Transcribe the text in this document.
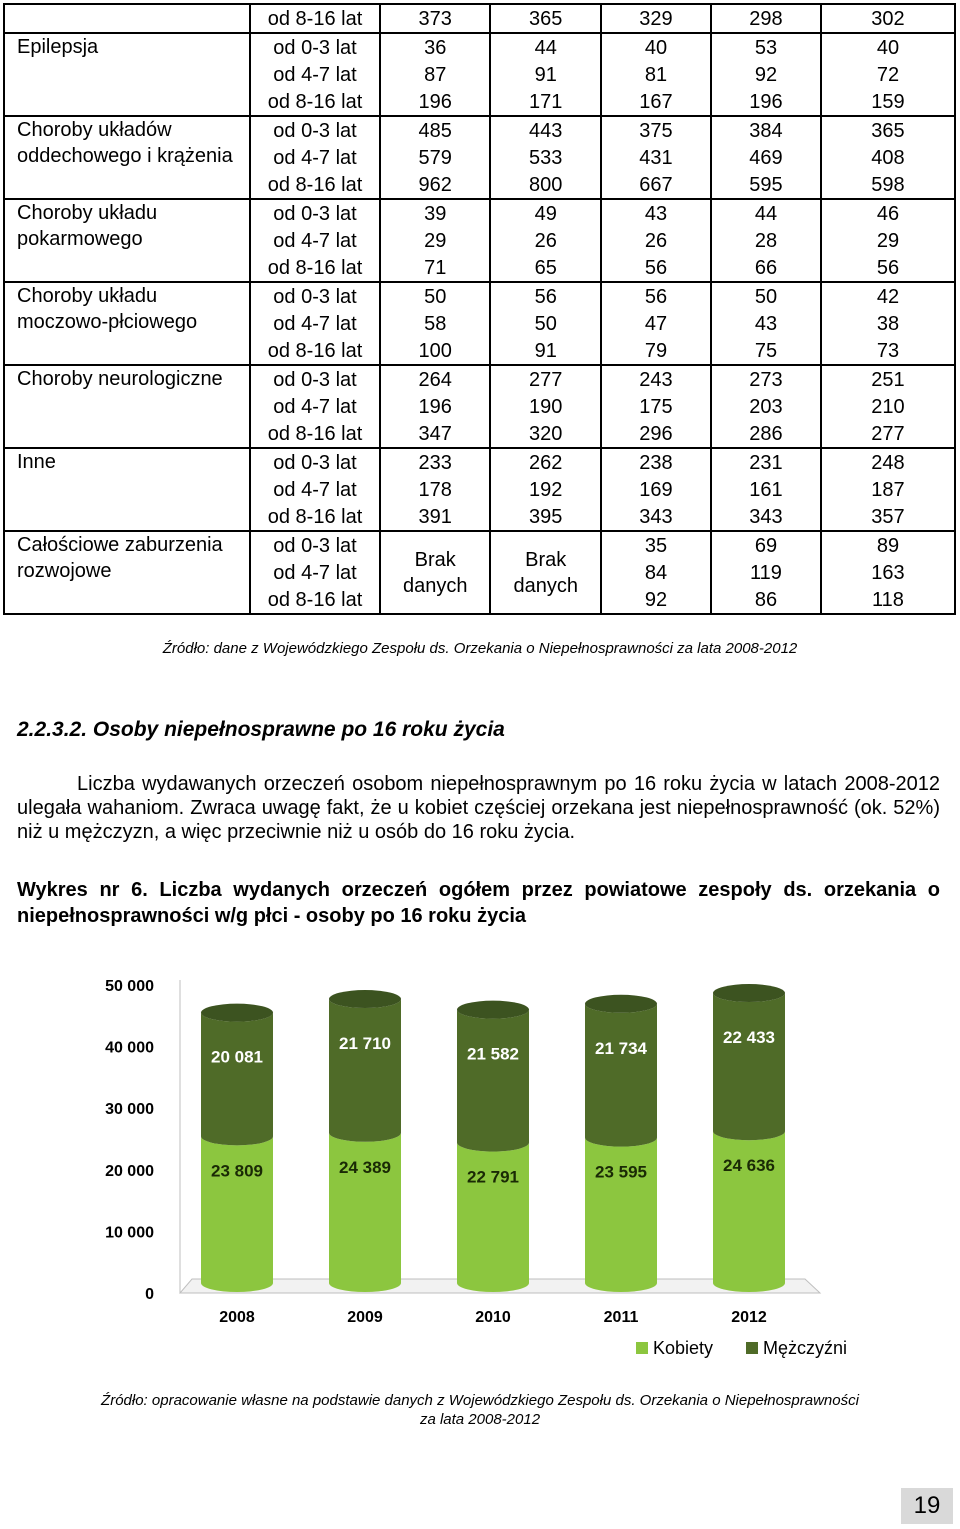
	od 8-16 lat	373	365	329	298	302
Epilepsja	od 0-3 lat	36	44	40	53	40
	od 4-7 lat	87	91	81	92	72
	od 8-16 lat	196	171	167	196	159
Choroby układów oddechowego i krążenia	od 0-3 lat	485	443	375	384	365
	od 4-7 lat	579	533	431	469	408
	od 8-16 lat	962	800	667	595	598
Choroby układu pokarmowego	od 0-3 lat	39	49	43	44	46
	od 4-7 lat	29	26	26	28	29
	od 8-16 lat	71	65	56	66	56
Choroby układu moczowo-płciowego	od 0-3 lat	50	56	56	50	42
	od 4-7 lat	58	50	47	43	38
	od 8-16 lat	100	91	79	75	73
Choroby neurologiczne	od 0-3 lat	264	277	243	273	251
	od 4-7 lat	196	190	175	203	210
	od 8-16 lat	347	320	296	286	277
Inne	od 0-3 lat	233	262	238	231	248
	od 4-7 lat	178	192	169	161	187
	od 8-16 lat	391	395	343	343	357
Całościowe zaburzenia rozwojowe	od 0-3 lat	Brak danych	Brak danych	35	69	89
	od 4-7 lat			84	119	163
	od 8-16 lat			92	86	118
Źródło: dane z Wojewódzkiego Zespołu ds. Orzekania o Niepełnosprawności za lata 2008-2012
2.2.3.2. Osoby niepełnosprawne po 16 roku życia
Liczba wydawanych orzeczeń osobom niepełnosprawnym po 16 roku życia w latach 2008-2012 ulegała wahaniom. Zwraca uwagę fakt, że u kobiet częściej orzekana jest niepełnosprawność (ok. 52%) niż u mężczyzn, a więc przeciwnie niż u osób do 16 roku życia.
Wykres nr 6. Liczba wydanych orzeczeń ogółem przez powiatowe zespoły ds. orzekania o niepełnosprawności w/g płci - osoby po 16 roku życia
0
10 000
20 000
30 000
40 000
50 000
23 809
20 081
2008
24 389
21 710
2009
22 791
21 582
2010
23 595
21 734
2011
24 636
22 433
2012
Kobiety	Mężczyźni
Źródło: opracowanie własne na podstawie danych z Wojewódzkiego Zespołu ds. Orzekania o Niepełnosprawności
za lata 2008-2012
19
